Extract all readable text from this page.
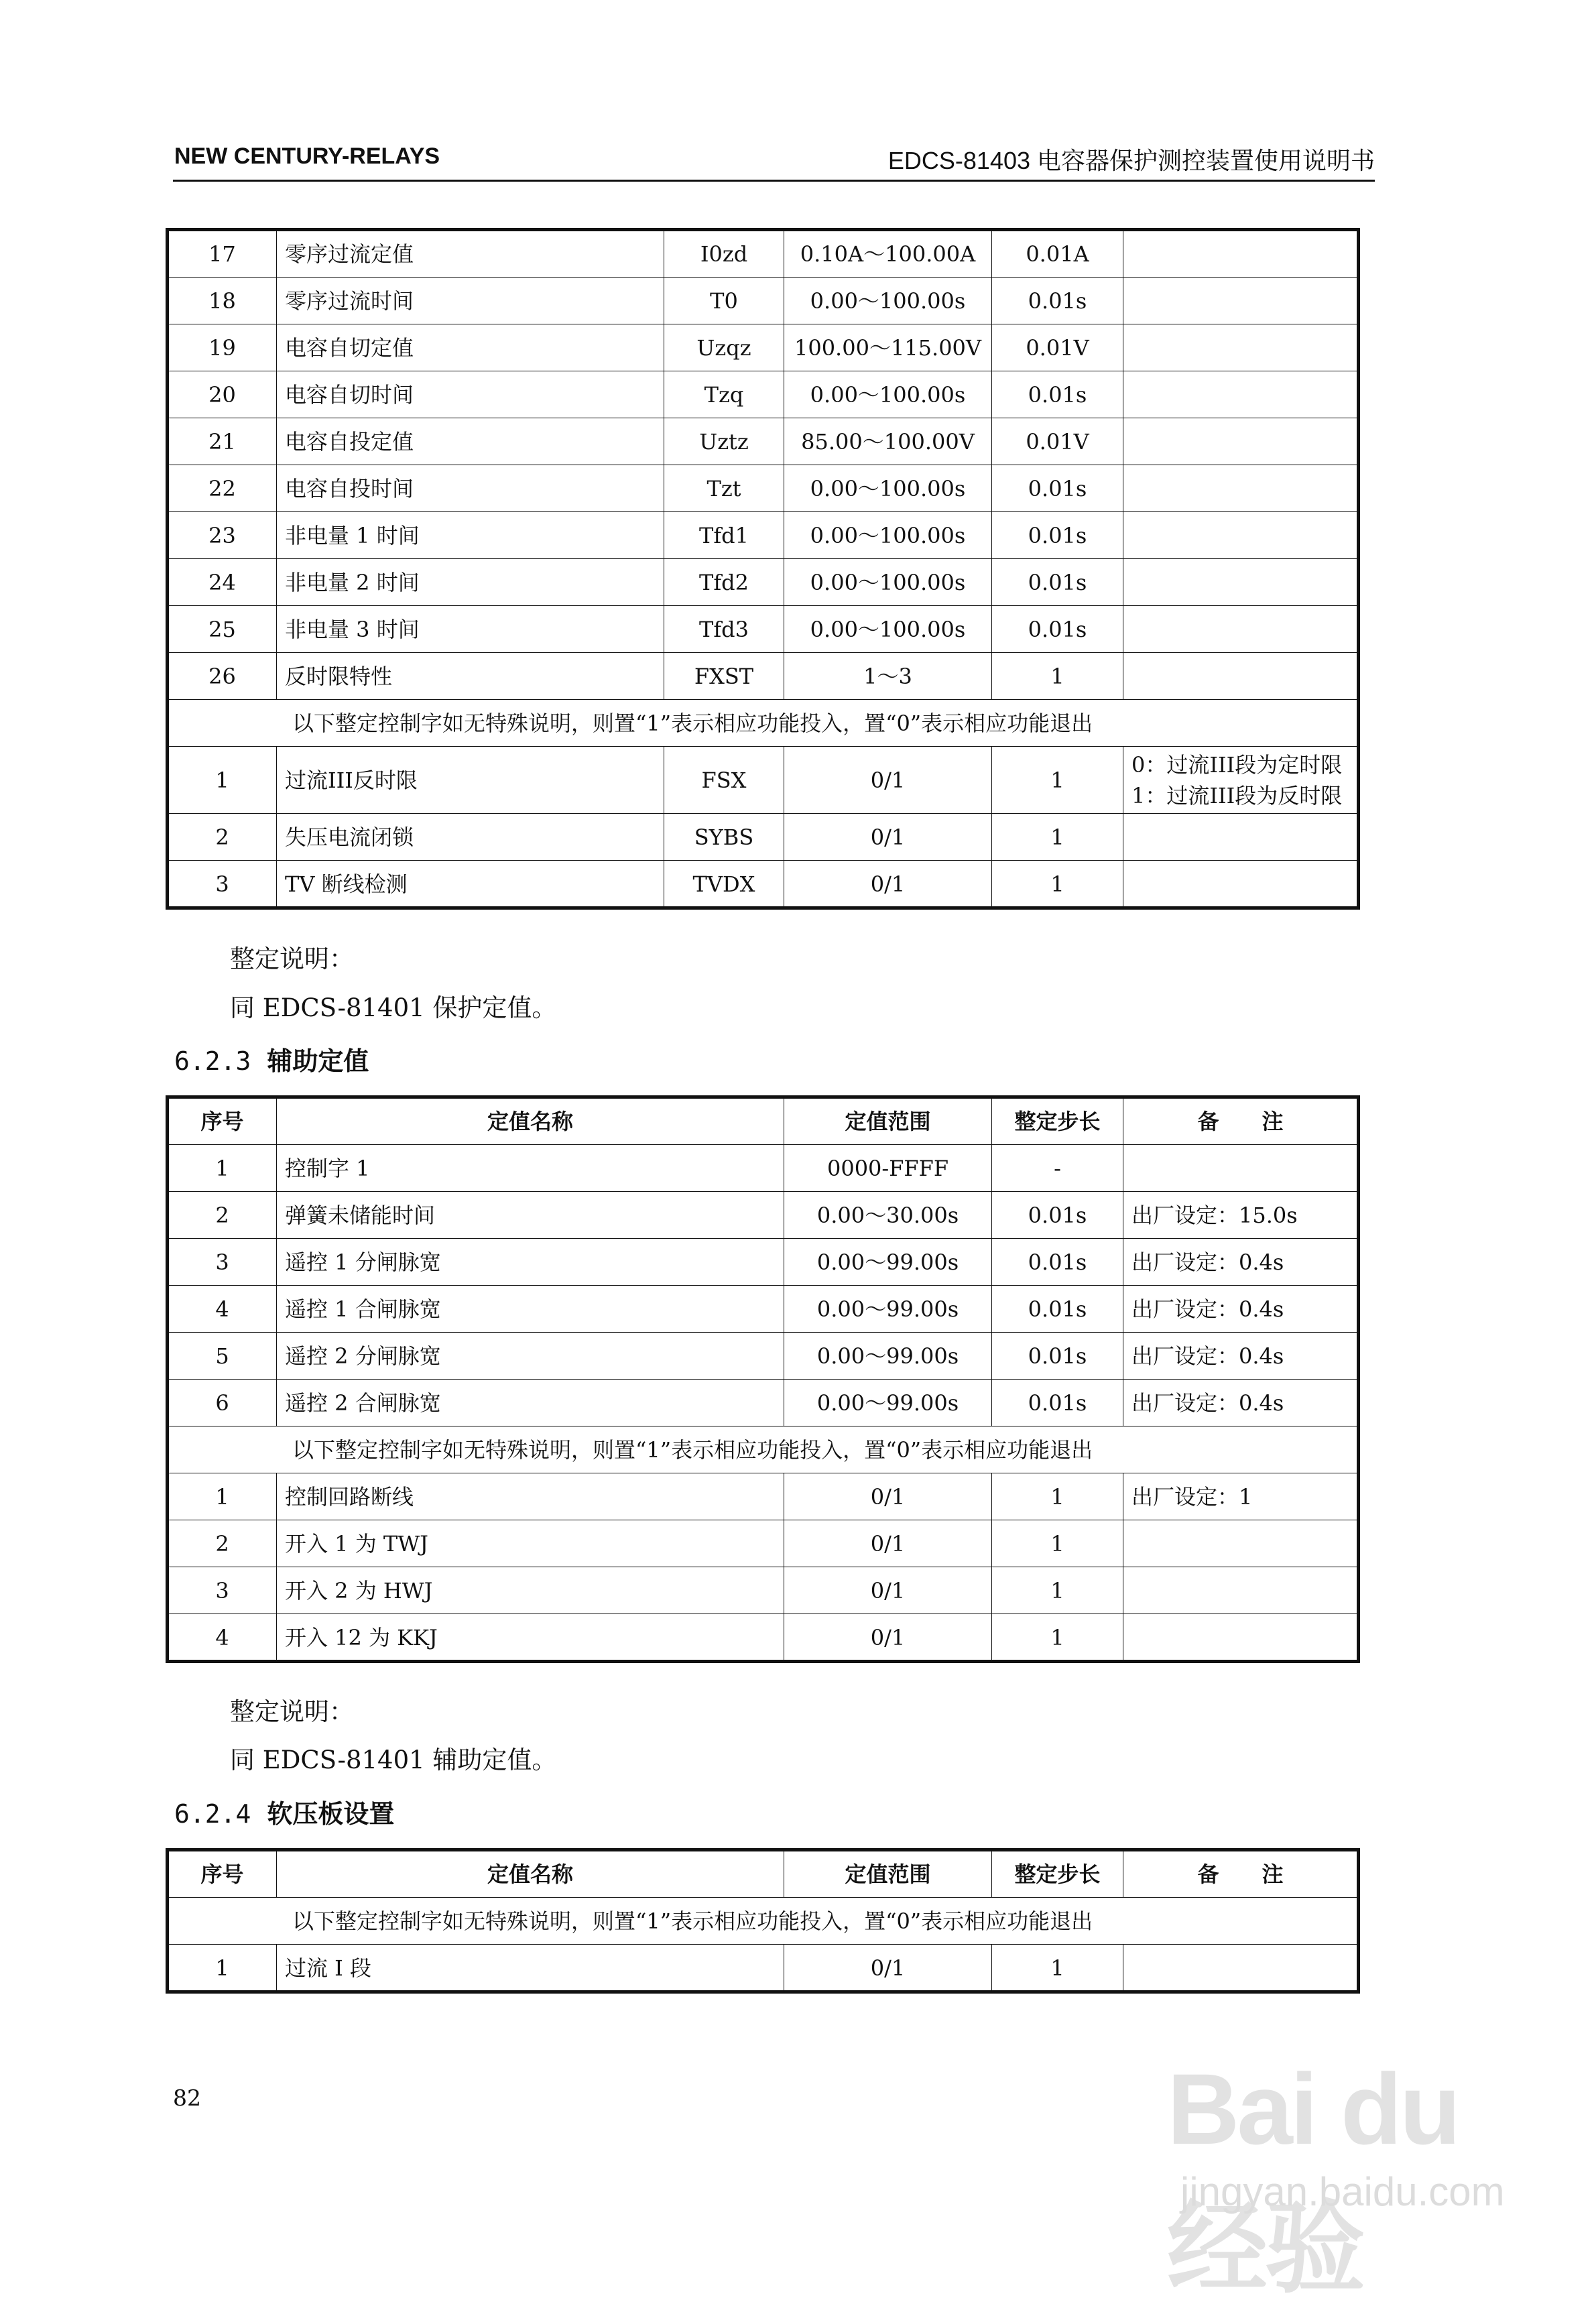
NEW CENTURY-RELAYS	EDCS-81403 电容器保护测控装置使用说明书
17	零序过流定值	I0zd	0.10A～100.00A	0.01A	
18	零序过流时间	T0	0.00～100.00s	0.01s	
19	电容自切定值	Uzqz	100.00～115.00V	0.01V	
20	电容自切时间	Tzq	0.00～100.00s	0.01s	
21	电容自投定值	Uztz	85.00～100.00V	0.01V	
22	电容自投时间	Tzt	0.00～100.00s	0.01s	
23	非电量 1 时间	Tfd1	0.00～100.00s	0.01s	
24	非电量 2 时间	Tfd2	0.00～100.00s	0.01s	
25	非电量 3 时间	Tfd3	0.00～100.00s	0.01s	
26	反时限特性	FXST	1～3	1	
以下整定控制字如无特殊说明，则置“1”表示相应功能投入，置“0”表示相应功能退出					
1	过流III反时限	FSX	0/1	1	0：过流III段为定时限
1：过流III段为反时限

2	失压电流闭锁	SYBS	0/1	1	
3	TV 断线检测	TVDX	0/1	1	
整定说明：
同 EDCS-81401 保护定值。
6.2.3 辅助定值
序号	定值名称	定值范围	整定步长	备　　注
1	控制字 1	0000-FFFF	-	
2	弹簧未储能时间	0.00～30.00s	0.01s	出厂设定：15.0s
3	遥控 1 分闸脉宽	0.00～99.00s	0.01s	出厂设定：0.4s
4	遥控 1 合闸脉宽	0.00～99.00s	0.01s	出厂设定：0.4s
5	遥控 2 分闸脉宽	0.00～99.00s	0.01s	出厂设定：0.4s
6	遥控 2 合闸脉宽	0.00～99.00s	0.01s	出厂设定：0.4s
以下整定控制字如无特殊说明，则置“1”表示相应功能投入，置“0”表示相应功能退出				
1	控制回路断线	0/1	1	出厂设定：1
2	开入 1 为 TWJ	0/1	1	
3	开入 2 为 HWJ	0/1	1	
4	开入 12 为 KKJ	0/1	1	
整定说明：
同 EDCS-81401 辅助定值。
6.2.4 软压板设置
序号	定值名称	定值范围	整定步长	备　　注
以下整定控制字如无特殊说明，则置“1”表示相应功能投入，置“0”表示相应功能退出				
1	过流 I 段	0/1	1	
82	Bai du 经验
jingyan.baidu.com
